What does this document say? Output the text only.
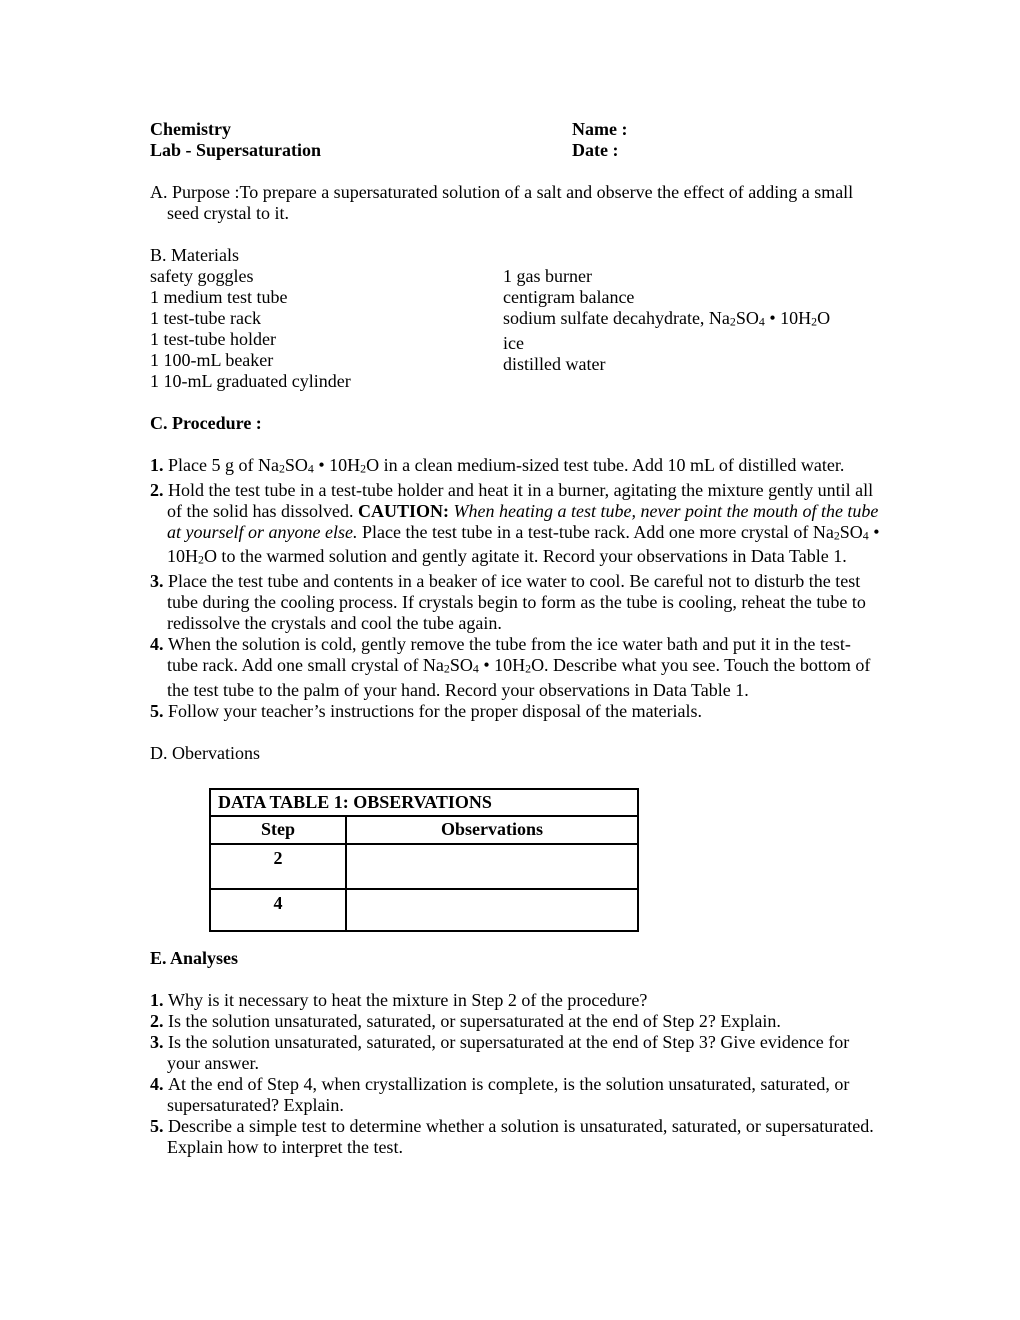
Chemistry
Lab - Supersaturation
Name :
Date :
A. Purpose :To prepare a supersaturated solution of a salt and observe the effect of adding a small seed crystal to it.
B. Materials
safety goggles
1 medium test tube
1 test-tube rack
1 test-tube holder
1 100-mL beaker
1 10-mL graduated cylinder
1 gas burner
centigram balance
sodium sulfate decahydrate, Na2SO4 • 10H2O
ice
distilled water
C. Procedure :
1. Place 5 g of Na2SO4 • 10H2O in a clean medium-sized test tube. Add 10 mL of distilled water.
2. Hold the test tube in a test-tube holder and heat it in a burner, agitating the mixture gently until all of the solid has dissolved. CAUTION: When heating a test tube, never point the mouth of the tube at yourself or anyone else. Place the test tube in a test-tube rack. Add one more crystal of Na2SO4 • 10H2O to the warmed solution and gently agitate it. Record your observations in Data Table 1.
3. Place the test tube and contents in a beaker of ice water to cool. Be careful not to disturb the test tube during the cooling process. If crystals begin to form as the tube is cooling, reheat the tube to redissolve the crystals and cool the tube again.
4. When the solution is cold, gently remove the tube from the ice water bath and put it in the test-tube rack. Add one small crystal of Na2SO4 • 10H2O. Describe what you see. Touch the bottom of the test tube to the palm of your hand. Record your observations in Data Table 1.
5. Follow your teacher’s instructions for the proper disposal of the materials.
D. Obervations
DATA TABLE 1: OBSERVATIONS	
Step	Observations
2	
4	
E. Analyses
1. Why is it necessary to heat the mixture in Step 2 of the procedure?
2. Is the solution unsaturated, saturated, or supersaturated at the end of Step 2? Explain.
3. Is the solution unsaturated, saturated, or supersaturated at the end of Step 3? Give evidence for your answer.
4. At the end of Step 4, when crystallization is complete, is the solution unsaturated, saturated, or supersaturated? Explain.
5. Describe a simple test to determine whether a solution is unsaturated, saturated, or supersaturated. Explain how to interpret the test.
